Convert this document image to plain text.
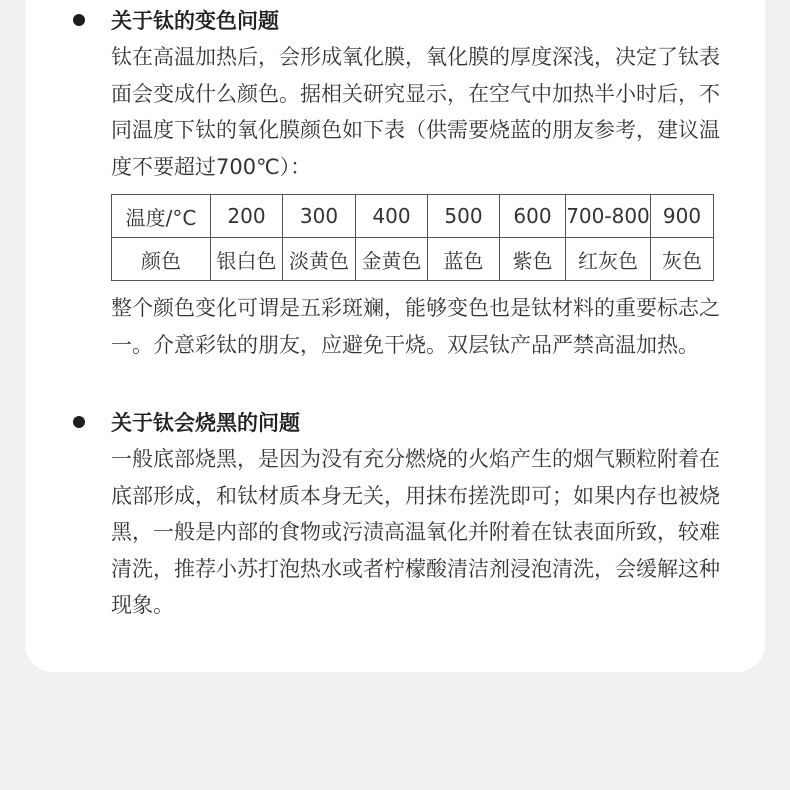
关于钛的变色问题
钛在高温加热后，会形成氧化膜，氧化膜的厚度深浅，决定了钛表面会变成什么颜色。据相关研究显示，在空气中加热半小时后，不同温度下钛的氧化膜颜色如下表（供需要烧蓝的朋友参考，建议温度不要超过700℃）：
温度/°C	200	300	400	500	600	700-800	900
颜色	银白色	淡黄色	金黄色	蓝色	紫色	红灰色	灰色
整个颜色变化可谓是五彩斑斓，能够变色也是钛材料的重要标志之一。介意彩钛的朋友，应避免干烧。双层钛产品严禁高温加热。
关于钛会烧黑的问题
一般底部烧黑，是因为没有充分燃烧的火焰产生的烟气颗粒附着在底部形成，和钛材质本身无关，用抹布搓洗即可；如果内存也被烧黑，一般是内部的食物或污渍高温氧化并附着在钛表面所致，较难清洗，推荐小苏打泡热水或者柠檬酸清洁剂浸泡清洗，会缓解这种现象。
